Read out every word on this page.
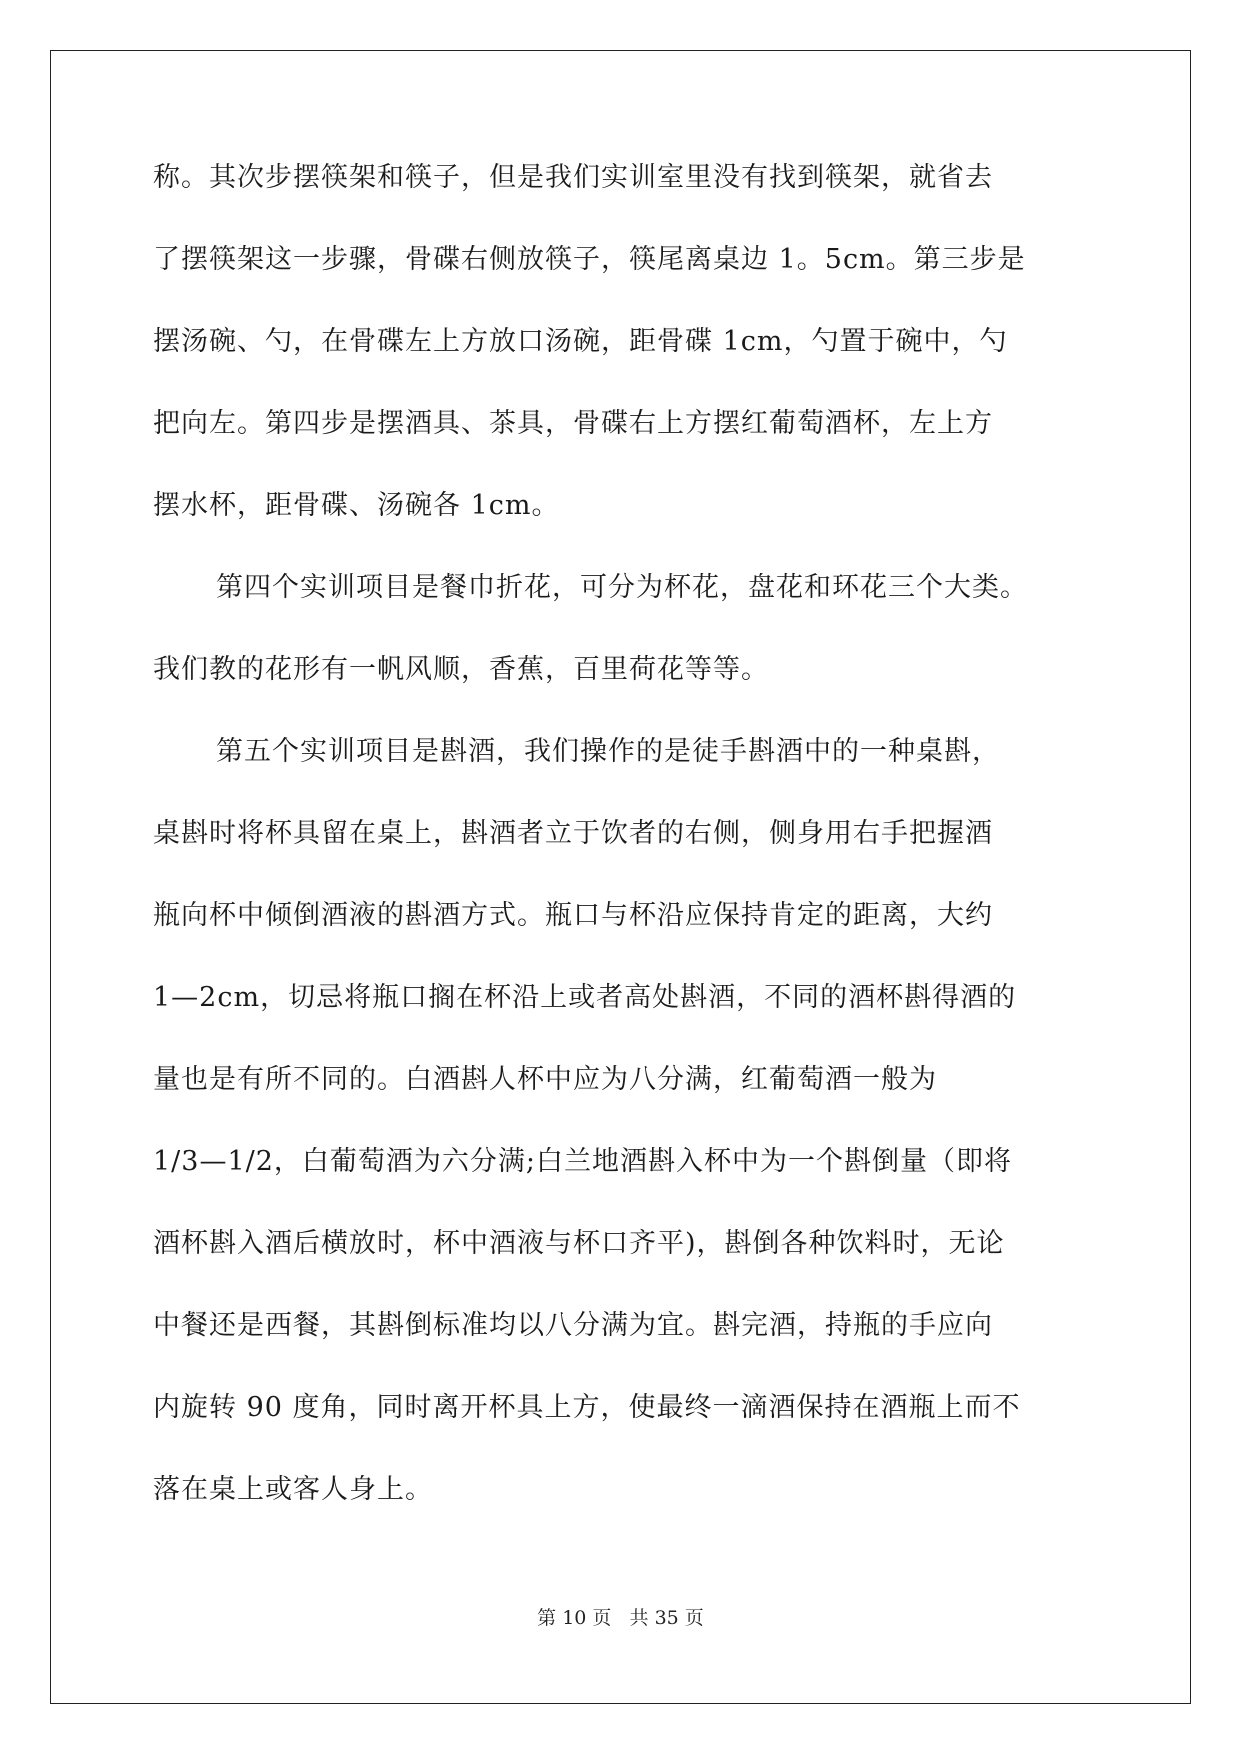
称。其次步摆筷架和筷子，但是我们实训室里没有找到筷架，就省去
了摆筷架这一步骤，骨碟右侧放筷子，筷尾离桌边 1。5cm。第三步是
摆汤碗、勺，在骨碟左上方放口汤碗，距骨碟 1cm，勺置于碗中，勺
把向左。第四步是摆酒具、茶具，骨碟右上方摆红葡萄酒杯，左上方
摆水杯，距骨碟、汤碗各 1cm。
第四个实训项目是餐巾折花，可分为杯花，盘花和环花三个大类。
我们教的花形有一帆风顺，香蕉，百里荷花等等。
第五个实训项目是斟酒，我们操作的是徒手斟酒中的一种桌斟，
桌斟时将杯具留在桌上，斟酒者立于饮者的右侧，侧身用右手把握酒
瓶向杯中倾倒酒液的斟酒方式。瓶口与杯沿应保持肯定的距离，大约
1—2cm，切忌将瓶口搁在杯沿上或者高处斟酒，不同的酒杯斟得酒的
量也是有所不同的。白酒斟人杯中应为八分满，红葡萄酒一般为
1/3—1/2，白葡萄酒为六分满;白兰地酒斟入杯中为一个斟倒量（即将
酒杯斟入酒后横放时，杯中酒液与杯口齐平)，斟倒各种饮料时，无论
中餐还是西餐，其斟倒标准均以八分满为宜。斟完酒，持瓶的手应向
内旋转 90 度角，同时离开杯具上方，使最终一滴酒保持在酒瓶上而不
落在桌上或客人身上。
第 10 页   共 35 页
